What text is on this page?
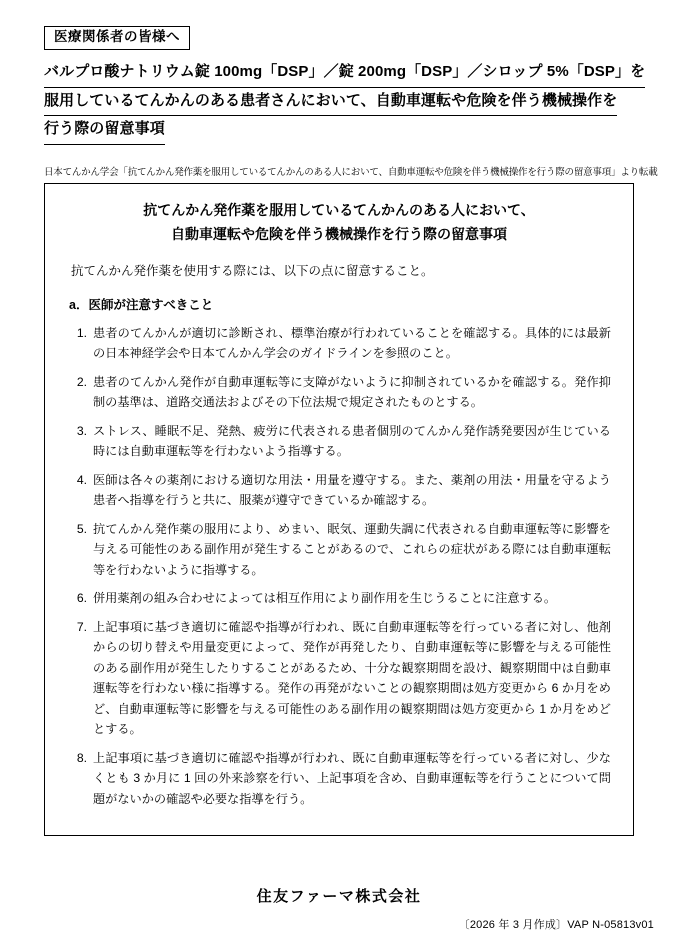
医療関係者の皆様へ
バルプロ酸ナトリウム錠 100mg「DSP」／錠 200mg「DSP」／シロップ 5%「DSP」を
服用しているてんかんのある患者さんにおいて、自動車運転や危険を伴う機械操作を
行う際の留意事項
日本てんかん学会「抗てんかん発作薬を服用しているてんかんのある人において、自動車運転や危険を伴う機械操作を行う際の留意事項」より転載
抗てんかん発作薬を服用しているてんかんのある人において、
自動車運転や危険を伴う機械操作を行う際の留意事項
抗てんかん発作薬を使用する際には、以下の点に留意すること。
a．医師が注意すべきこと
1. 患者のてんかんが適切に診断され、標準治療が行われていることを確認する。具体的には最新の日本神経学会や日本てんかん学会のガイドラインを参照のこと。
2. 患者のてんかん発作が自動車運転等に支障がないように抑制されているかを確認する。発作抑制の基準は、道路交通法およびその下位法規で規定されたものとする。
3. ストレス、睡眠不足、発熱、疲労に代表される患者個別のてんかん発作誘発要因が生じている時には自動車運転等を行わないよう指導する。
4. 医師は各々の薬剤における適切な用法・用量を遵守する。また、薬剤の用法・用量を守るよう患者へ指導を行うと共に、服薬が遵守できているか確認する。
5. 抗てんかん発作薬の服用により、めまい、眠気、運動失調に代表される自動車運転等に影響を与える可能性のある副作用が発生することがあるので、これらの症状がある際には自動車運転等を行わないように指導する。
6. 併用薬剤の組み合わせによっては相互作用により副作用を生じうることに注意する。
7. 上記事項に基づき適切に確認や指導が行われ、既に自動車運転等を行っている者に対し、他剤からの切り替えや用量変更によって、発作が再発したり、自動車運転等に影響を与える可能性のある副作用が発生したりすることがあるため、十分な観察期間を設け、観察期間中は自動車運転等を行わない様に指導する。発作の再発がないことの観察期間は処方変更から 6 か月をめど、自動車運転等に影響を与える可能性のある副作用の観察期間は処方変更から 1 か月をめどとする。
8. 上記事項に基づき適切に確認や指導が行われ、既に自動車運転等を行っている者に対し、少なくとも 3 か月に 1 回の外来診察を行い、上記事項を含め、自動車運転等を行うことについて問題がないかの確認や必要な指導を行う。
住友ファーマ株式会社
〔2026 年 3 月作成〕VAP N-05813v01
